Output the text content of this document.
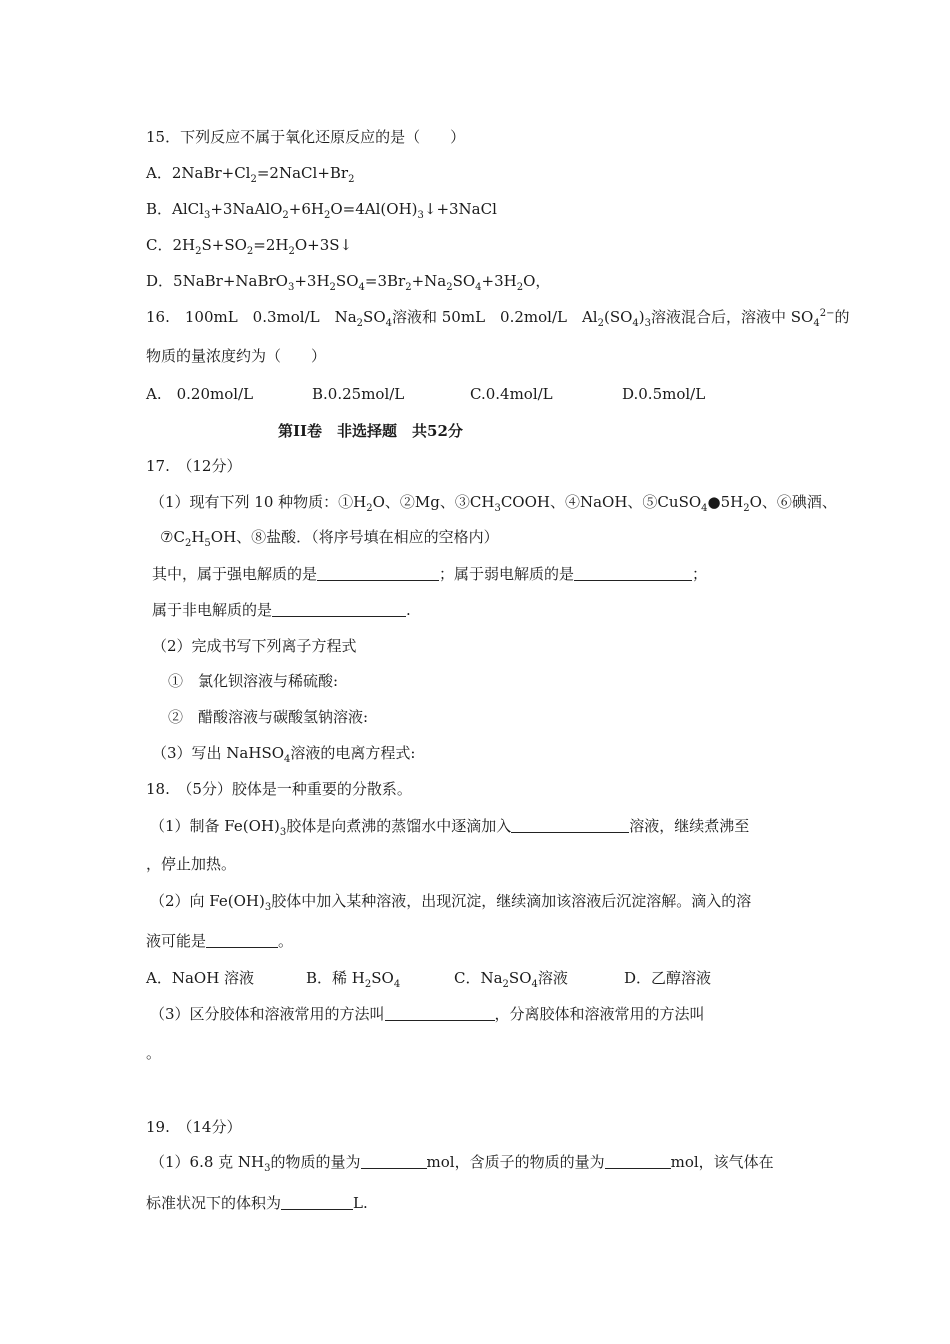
15．下列反应不属于氧化还原反应的是（　　）
A．$2NaBr+Cl_2=2NaCl+Br_2$
B．$AlCl_3+3NaAlO_2+6H_2O=4Al(OH)_3↓+3NaCl$
C．$2H_2S+SO_2=2H_2O+3S↓$
D．$5NaBr+NaBrO_3+3H_2SO_4=3Br_2+Na_2SO_4+3H_2O$，
16.　100mL　0.3mol/L　$Na_2SO_4$溶液和 50mL　0.2mol/L　$Al_2(SO_4)_3$溶液混合后，溶液中 $SO_4^{2-}$的
物质的量浓度约为（　　）
A.　0.20mol/L	B.0.25mol/L	C.0.4mol/L	D.0.5mol/L
第II卷　非选择题　共52分
17.　（12分）
（1）现有下列 10 种物质：$①H_2O$、②Mg、$③CH_3COOH$、④NaOH、$⑤CuSO_4●5H_2O$、⑥碘酒、
$⑦C_2H_5OH$、⑧盐酸．（将序号填在相应的空格内）
其中，属于强电解质的是	；属于弱电解质的是	；
属于非电解质的是	.
（2）完成书写下列离子方程式
①　氯化钡溶液与稀硫酸:
②　醋酸溶液与碳酸氢钠溶液:
（3）写出 NaHSO$_4$溶液的电离方程式:
18.　（5分）胶体是一种重要的分散系。
（1）制备 $Fe(OH)_3$胶体是向煮沸的蒸馏水中逐滴加入	溶液，继续煮沸至
，停止加热。
（2）向 $Fe(OH)_3$胶体中加入某种溶液，出现沉淀，继续滴加该溶液后沉淀溶解。滴入的溶
液可能是	。
A．NaOH 溶液	B．稀 $H_2SO_4$	C．$Na_2SO_4$溶液	D．乙醇溶液
（3）区分胶体和溶液常用的方法叫	，分离胶体和溶液常用的方法叫
。
19.　（14分）
（1）6.8 克 $NH_3$的物质的量为	mol，含质子的物质的量为	mol，该气体在
标准状况下的体积为	L.
